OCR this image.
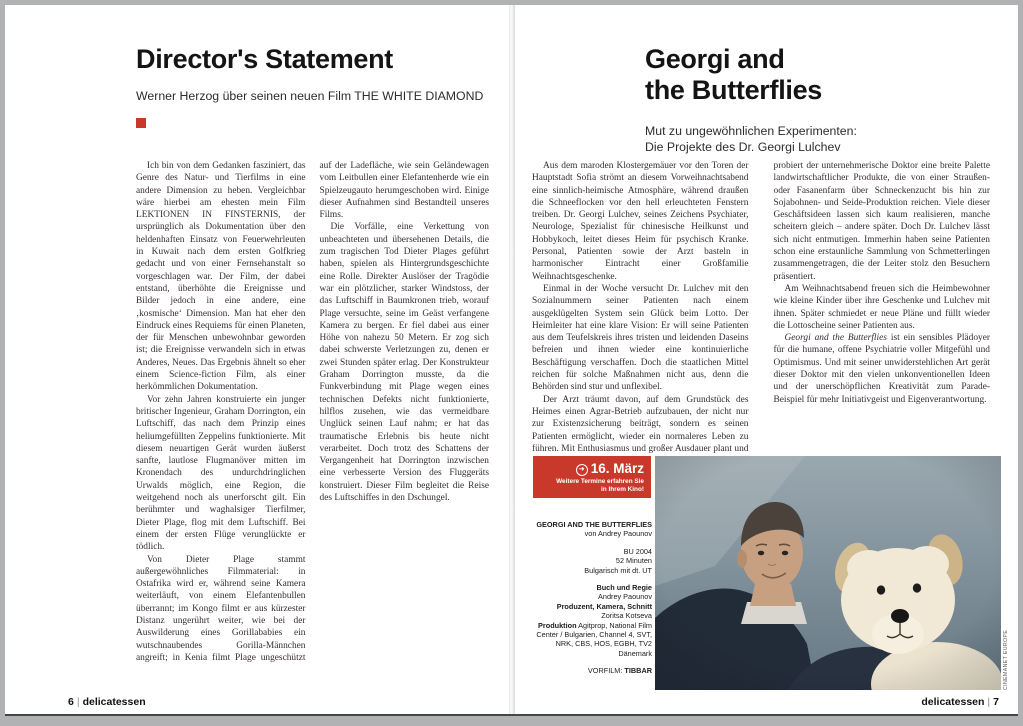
Director's Statement
Werner Herzog über seinen neuen Film THE WHITE DIAMOND

Ich bin von dem Gedanken fasziniert, das Genre des Natur- und Tierfilms in eine andere Dimension zu heben. Vergleichbar wäre hierbei am ehesten mein Film LEKTIONEN IN FINSTERNIS, der ursprünglich als Dokumentation über den heldenhaften Einsatz von Feuerwehrleuten in Kuwait nach dem ersten Golfkrieg gedacht und von einer Fernsehanstalt so vorgeschlagen war. Der Film, der dabei entstand, überhöhte die Ereignisse und Bilder jedoch in eine andere, eine ‚kosmische‘ Dimension. Man hat eher den Eindruck eines Requiems für einen Planeten, der für Menschen unbewohnbar geworden ist; die Ereignisse verwandeln sich in etwas Anderes, Neues. Das Ergebnis ähnelt so eher einem Science-fiction Film, als einer herkömmlichen Dokumentation.

Vor zehn Jahren konstruierte ein junger britischer Ingenieur, Graham Dorrington, ein Luftschiff, das nach dem Prinzip eines heliumgefüllten Zeppelins funktionierte. Mit diesem neuartigen Gerät wurden äußerst sanfte, lautlose Flugmanöver mitten im Kronendach des undurchdringlichen Urwalds möglich, eine Region, die weitgehend noch als unerforscht gilt. Ein berühmter und waghalsiger Tierfilmer, Dieter Plage, flog mit dem Luftschiff. Bei einem der ersten Flüge verunglückte er tödlich.

Von Dieter Plage stammt außergewöhnliches Filmmaterial: in Ostafrika wird er, während seine Kamera weiterläuft, von einem Elefantenbullen überrannt; im Kongo filmt er aus kürzester Distanz ungerührt weiter, wie bei der Auswilderung eines Gorillababies ein wutschnaubendes Gorilla-Männchen angreift; in Kenia filmt Plage ungeschützt auf der Ladefläche, wie sein Geländewagen vom Leitbullen einer Elefantenherde wie ein Spielzeugauto herumgeschoben wird. Einige dieser Aufnahmen sind Bestandteil unseres Films.

Die Vorfälle, eine Verkettung von unbeachteten und übersehenen Details, die zum tragischen Tod Dieter Plages geführt haben, spielen als Hintergrundsgeschichte eine Rolle. Direkter Auslöser der Tragödie war ein plötzlicher, starker Windstoss, der das Luftschiff in Baumkronen trieb, worauf Plage versuchte, seine im Geäst verfangene Kamera zu bergen. Er fiel dabei aus einer Höhe von nahezu 50 Metern. Er zog sich dabei schwerste Verletzungen zu, denen er zwei Stunden später erlag. Der Konstrukteur Graham Dorrington musste, da die Funkverbindung mit Plage wegen eines technischen Defekts nicht funktionierte, hilflos zusehen, wie das vermeidbare Unglück seinen Lauf nahm; er hat das traumatische Erlebnis bis heute nicht verarbeitet. Doch trotz des Schattens der Vergangenheit hat Dorrington inzwischen eine verbesserte Version des Fluggeräts konstruiert. Dieser Film begleitet die Reise des Luftschiffes in den Dschungel.

6 | delicatessen
Georgi and
the Butterflies
Mut zu ungewöhnlichen Experimenten:
Die Projekte des Dr. Georgi Lulchev

Aus dem maroden Klostergemäuer vor den Toren der Hauptstadt Sofia strömt an diesem Vorweihnachtsabend eine sinnlich-heimische Atmosphäre, während draußen die Schneeflocken vor den hell erleuchteten Fenstern treiben. Dr. Georgi Lulchev, seines Zeichens Psychiater, Neurologe, Spezialist für chinesische Heilkunst und Hobbykoch, leitet dieses Heim für psychisch Kranke. Personal, Patienten sowie der Arzt basteln in harmonischer Eintracht einer Großfamilie Weihnachtsgeschenke.

Einmal in der Woche versucht Dr. Lulchev mit den Sozialnummern seiner Patienten nach einem ausgeklügelten System sein Glück beim Lotto. Der Heimleiter hat eine klare Vision: Er will seine Patienten aus dem Teufelskreis ihres tristen und leidenden Daseins befreien und ihnen wieder eine kontinuierliche Beschäftigung verschaffen. Doch die staatlichen Mittel reichen für solche Maßnahmen nicht aus, denn die Behörden sind stur und unflexibel.

Der Arzt träumt davon, auf dem Grundstück des Heimes einen Agrar-Betrieb aufzubauen, der nicht nur zur Existenzsicherung beiträgt, sondern es seinen Patienten ermöglicht, wieder ein normaleres Leben zu führen. Mit Enthusiasmus und großer Ausdauer plant und probiert der unternehmerische Doktor eine breite Palette landwirtschaftlicher Produkte, die von einer Straußen- oder Fasanenfarm über Schneckenzucht bis hin zur Sojabohnen- und Seide-Produktion reichen. Viele dieser Geschäftsideen lassen sich kaum realisieren, manche scheitern gleich – andere später. Doch Dr. Lulchev lässt sich nicht entmutigen. Immerhin haben seine Patienten schon eine erstaunliche Sammlung von Schmetterlingen zusammengetragen, die der Leiter stolz den Besuchern präsentiert.

Am Weihnachtsabend freuen sich die Heimbewohner wie kleine Kinder über ihre Geschenke und Lulchev mit ihnen. Später schmiedet er neue Pläne und füllt wieder die Lottoscheine seiner Patienten aus.

Georgi and the Butterflies ist ein sensibles Plädoyer für die humane, offene Psychiatrie voller Mitgefühl und Optimismus. Und mit seiner unwiderstehlichen Art gerät dieser Doktor mit den vielen unkonventionellen Ideen und der unerschöpflichen Kreativität zum Parade-Beispiel für mehr Initiativgeist und Eigenverantwortung.

➜ 16. März
Weitere Termine erfahren Sie
in Ihrem Kino!
GEORGI AND THE BUTTERFLIES
von Andrey Paounov
BU 2004
52 Minuten
Bulgarisch mit dt. UT
Buch und Regie
Andrey Paounov
Produzent, Kamera, Schnitt
Zoritsa Kotseva
Produktion Agitprop, National Film Center / Bulgarien, Channel 4, SVT, NRK, CBS, HOS, EGBH, TV2 Dänemark
VORFILM: TIBBAR	CINEMANET EUROPE
delicatessen | 7
